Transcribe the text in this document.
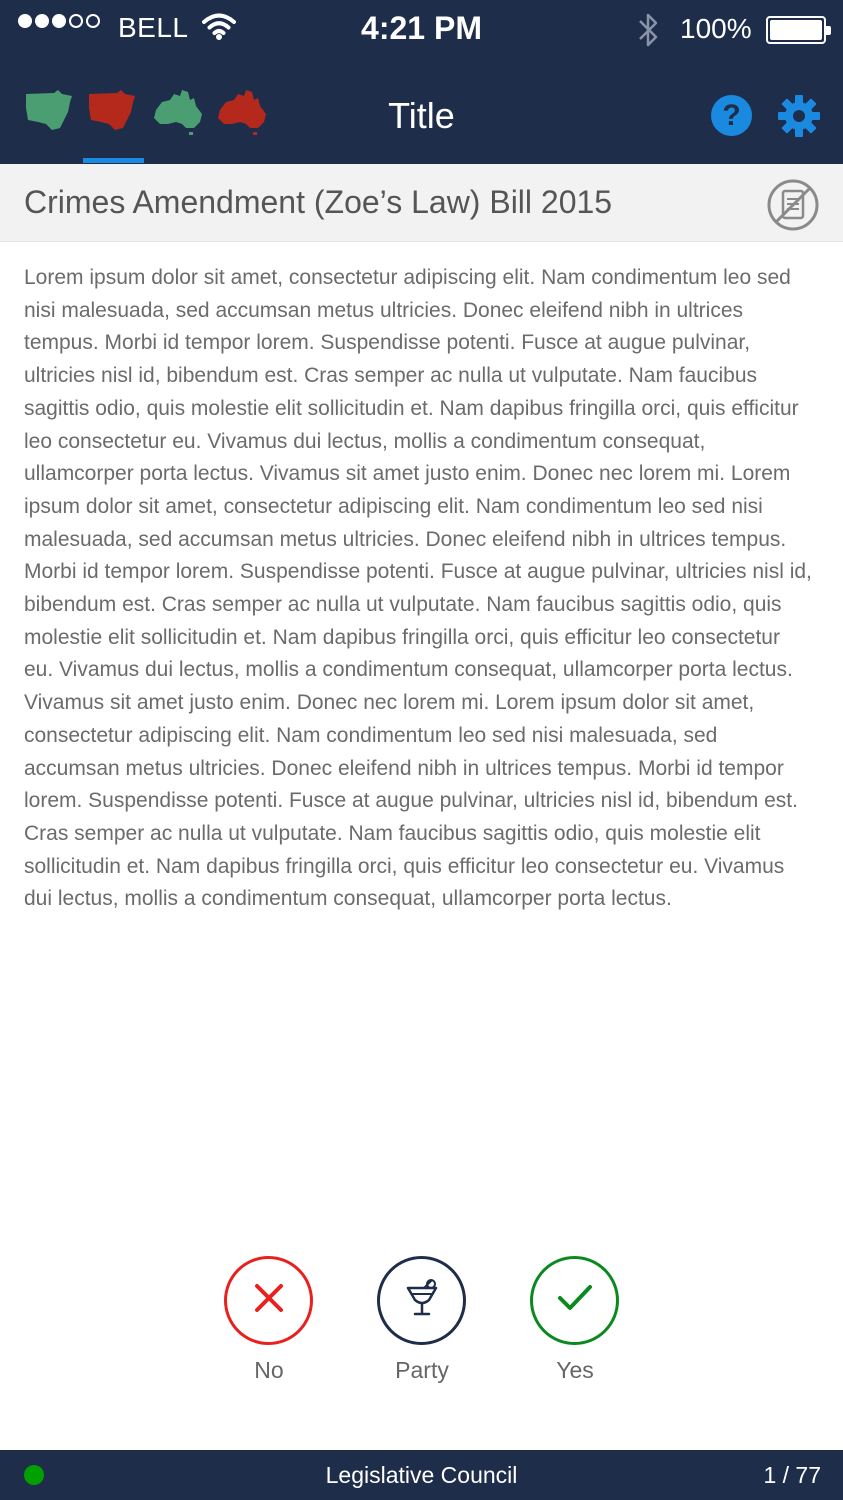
BELL	4:21 PM	100%
Title	?
Crimes Amendment (Zoe’s Law) Bill 2015
Lorem ipsum dolor sit amet, consectetur adipiscing elit. Nam condimentum leo sed nisi malesuada, sed accumsan metus ultricies. Donec eleifend nibh in ultrices tempus. Morbi id tempor lorem. Suspendisse potenti. Fusce at augue pulvinar, ultricies nisl id, bibendum est. Cras semper ac nulla ut vulputate. Nam faucibus sagittis odio, quis molestie elit sollicitudin et. Nam dapibus fringilla orci, quis efficitur leo consectetur eu. Vivamus dui lectus, mollis a condimentum consequat, ullamcorper porta lectus. Vivamus sit amet justo enim. Donec nec lorem mi. Lorem ipsum dolor sit amet, consectetur adipiscing elit. Nam condimentum leo sed nisi malesuada, sed accumsan metus ultricies. Donec eleifend nibh in ultrices tempus. Morbi id tempor lorem. Suspendisse potenti. Fusce at augue pulvinar, ultricies nisl id, bibendum est. Cras semper ac nulla ut vulputate. Nam faucibus sagittis odio, quis molestie elit sollicitudin et. Nam dapibus fringilla orci, quis efficitur leo consectetur eu. Vivamus dui lectus, mollis a condimentum consequat, ullamcorper porta lectus. Vivamus sit amet justo enim. Donec nec lorem mi. Lorem ipsum dolor sit amet, consectetur adipiscing elit. Nam condimentum leo sed nisi malesuada, sed accumsan metus ultricies. Donec eleifend nibh in ultrices tempus. Morbi id tempor lorem. Suspendisse potenti. Fusce at augue pulvinar, ultricies nisl id, bibendum est. Cras semper ac nulla ut vulputate. Nam faucibus sagittis odio, quis molestie elit sollicitudin et. Nam dapibus fringilla orci, quis efficitur leo consectetur eu. Vivamus dui lectus, mollis a condimentum consequat, ullamcorper porta lectus.
No	Party	Yes
Legislative Council	1 / 77
